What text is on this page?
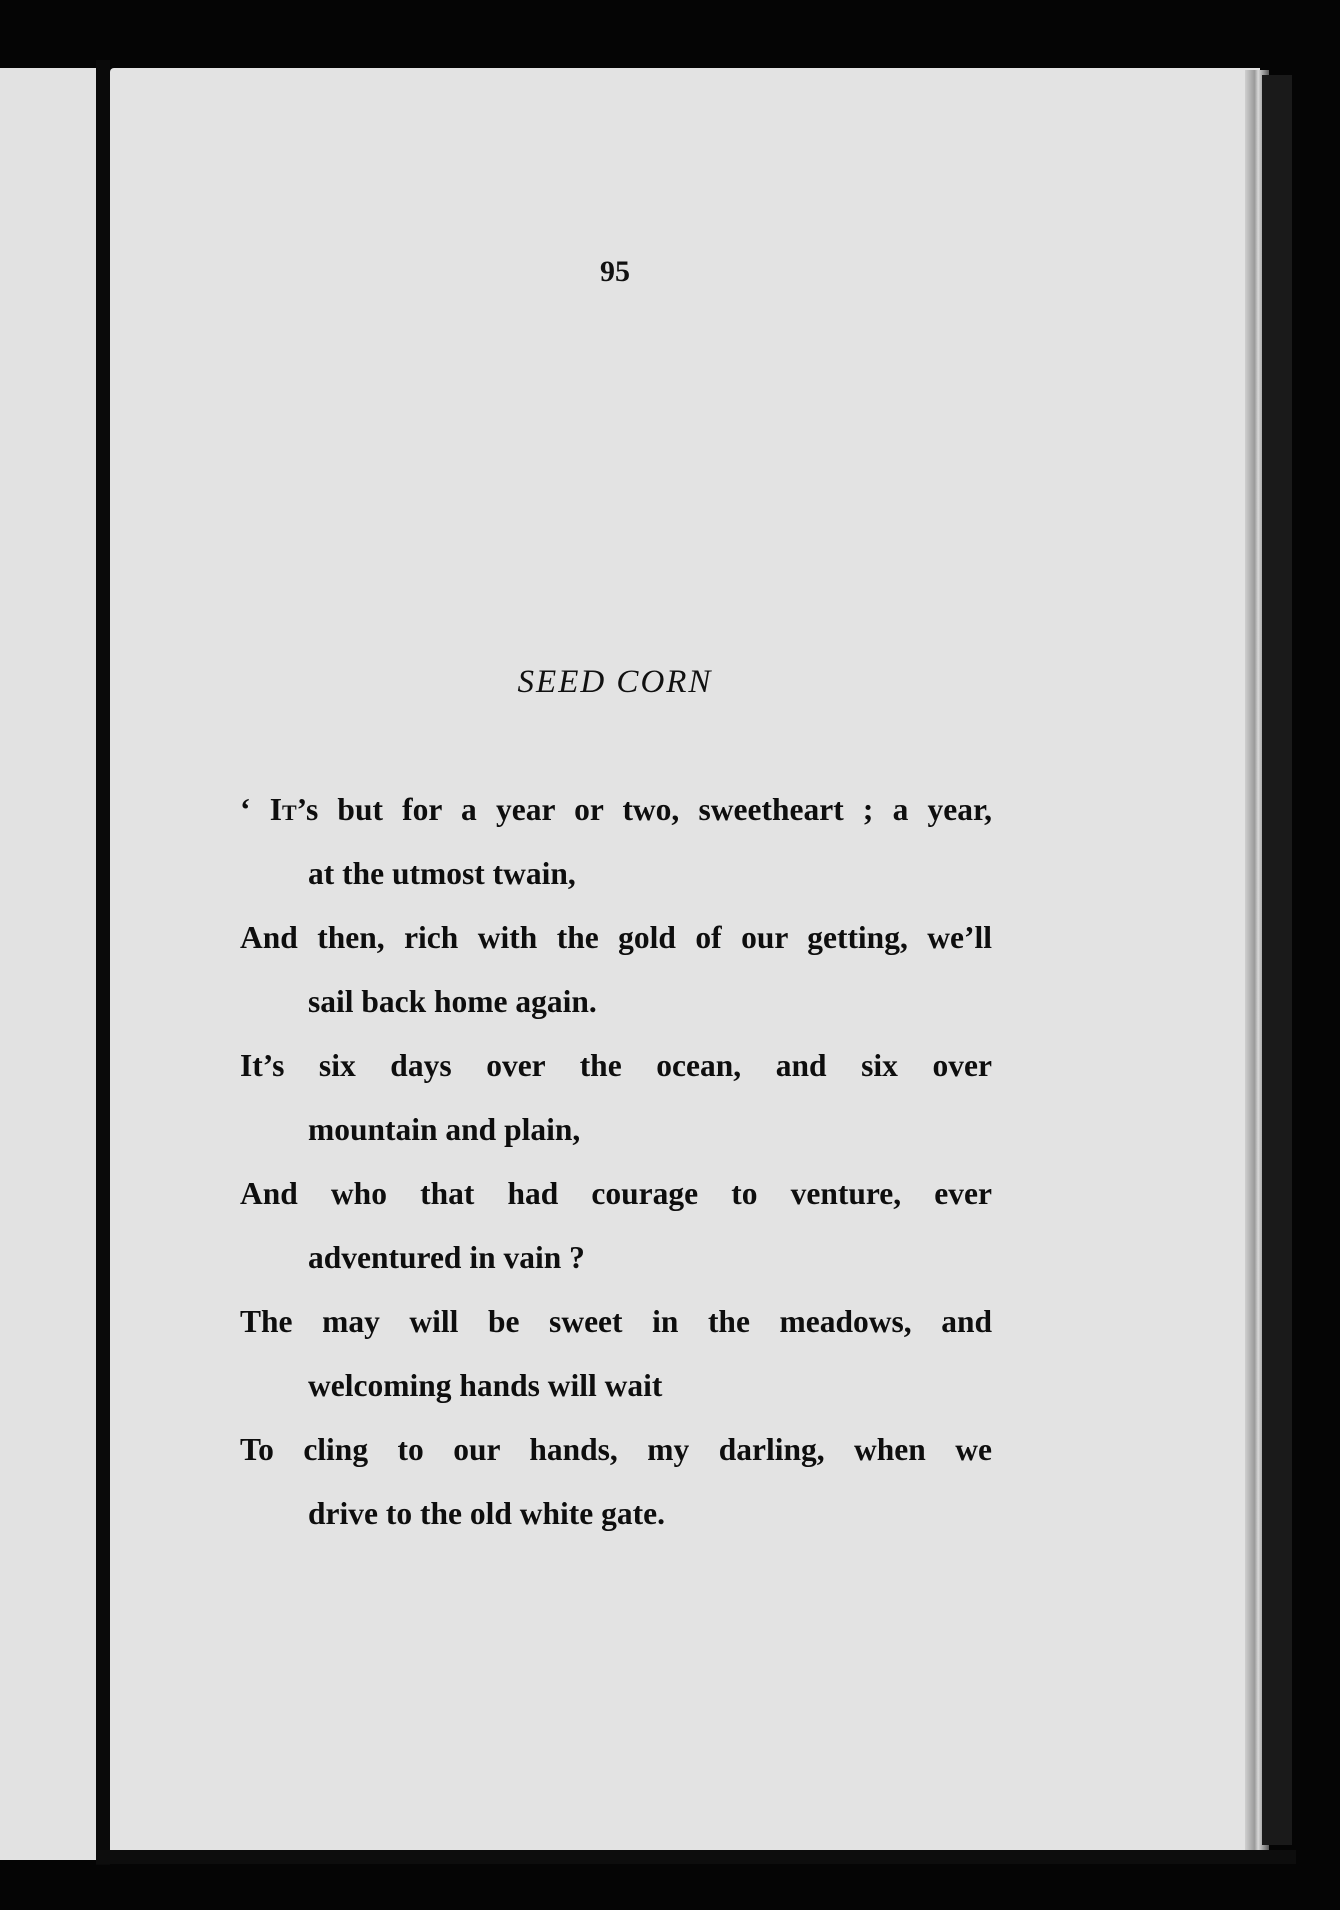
95
SEED CORN
‘ It’s but for a year or two, sweetheart ; a year,
at the utmost twain,
And then, rich with the gold of our getting, we’ll
sail back home again.
It’s six days over the ocean, and six over
mountain and plain,
And who that had courage to venture, ever
adventured in vain ?
The may will be sweet in the meadows, and
welcoming hands will wait
To cling to our hands, my darling, when we
drive to the old white gate.
